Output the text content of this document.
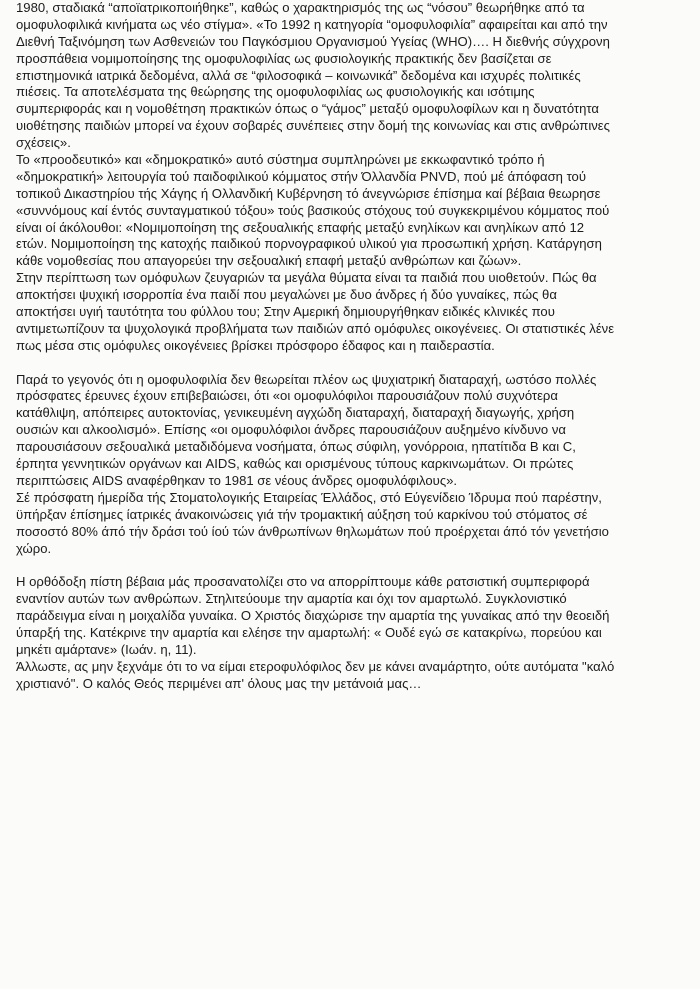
1980, σταδιακά “αποϊατρικοποιήθηκε”, καθώς ο χαρακτηρισμός της ως “νόσου” θεωρήθηκε από τα
ομοφυλοφιλικά κινήματα ως νέο στίγμα». «Το 1992 η κατηγορία “ομοφυλοφιλία” αφαιρείται και από την
Διεθνή Ταξινόμηση των Ασθενειών του Παγκόσμιου Οργανισμού Υγείας (WHO)…. Η διεθνής σύγχρονη
προσπάθεια νομιμοποίησης της ομοφυλοφιλίας ως φυσιολογικής πρακτικής δεν βασίζεται σε
επιστημονικά ιατρικά δεδομένα, αλλά σε “φιλοσοφικά – κοινωνικά” δεδομένα και ισχυρές πολιτικές
πιέσεις. Τα αποτελέσματα της θεώρησης της ομοφυλοφιλίας ως φυσιολογικής και ισότιμης
συμπεριφοράς και η νομοθέτηση πρακτικών όπως ο “γάμος” μεταξύ ομοφυλοφίλων και η δυνατότητα
υιοθέτησης παιδιών μπορεί να έχουν σοβαρές συνέπειες στην δομή της κοινωνίας και στις ανθρώπινες
σχέσεις».
Το «προοδευτικό» και «δημοκρατικό» αυτό σύστημα συμπληρώνει με εκκωφαντικό τρόπο ή
«δημοκρατική» λειτουργία τού παιδοφιλικού κόμματος στήν Όλλανδία PNVD, πού μέ άπόφαση τού
τοπικοΰ Δικαστηρίου τής Χάγης ή Ολλανδική Κυβέρνηση τό άνεγνώρισε έπίσημα καί βέβαια θεωρησε
«συννόμους καί έντός συνταγματικού τόξου» τούς βασικούς στόχους τού συγκεκριμένου κόμματος πού
είναι οί άκόλουθοι: «Νομιμοποίηση της σεξουαλικής επαφής μεταξύ ενηλίκων και ανηλίκων από 12
ετών. Νομιμοποίηση της κατοχής παιδικού πορνογραφικού υλικού για προσωπική χρήση. Κατάργηση
κάθε νομοθεσίας που απαγορεύει την σεξουαλική επαφή μεταξύ ανθρώπων και ζώων».
Στην περίπτωση των ομόφυλων ζευγαριών τα μεγάλα θύματα είναι τα παιδιά που υιοθετούν. Πώς θα
αποκτήσει ψυχική ισορροπία ένα παιδί που μεγαλώνει με δυο άνδρες ή δύο γυναίκες, πώς θα
αποκτήσει υγιή ταυτότητα του φύλλου του; Στην Αμερική δημιουργήθηκαν ειδικές κλινικές που
αντιμετωπίζουν τα ψυχολογικά προβλήματα των παιδιών από ομόφυλες οικογένειες. Οι στατιστικές λένε
πως μέσα στις ομόφυλες οικογένειες βρίσκει πρόσφορο έδαφος και η παιδεραστία.
Παρά το γεγονός ότι η ομοφυλοφιλία δεν θεωρείται πλέον ως ψυχιατρική διαταραχή, ωστόσο πολλές
πρόσφατες έρευνες έχουν επιβεβαιώσει, ότι «οι ομοφυλόφιλοι παρουσιάζουν πολύ συχνότερα
κατάθλιψη, απόπειρες αυτοκτονίας, γενικευμένη αγχώδη διαταραχή, διαταραχή διαγωγής, χρήση
ουσιών και αλκοολισμό». Επίσης «οι ομοφυλόφιλοι άνδρες παρουσιάζουν αυξημένο κίνδυνο να
παρουσιάσουν σεξουαλικά μεταδιδόμενα νοσήματα, όπως σύφιλη, γονόρροια, ηπατίτιδα Β και C,
έρπητα γεννητικών οργάνων και AIDS, καθώς και ορισμένους τύπους καρκινωμάτων. Οι πρώτες
περιπτώσεις AIDS αναφέρθηκαν το 1981 σε νέους άνδρες ομοφυλόφιλους».
Σέ πρόσφατη ήμερίδα τής Στοματολογικής Εταιρείας Έλλάδος, στό Εύγενίδειο Ίδρυμα πού παρέστην,
ϋπήρξαν έπίσημες ίατρικές άνακοινώσεις γιά τήν τρομακτική αύξηση τού καρκίνου τού στόματος σέ
ποσοστό 80% άπό τήν δράσι τού ίού τών άνθρωπίνων θηλωμάτων πού προέρχεται άπό τόν γενετήσιο
χώρο.
Η ορθόδοξη πίστη βέβαια μάς προσανατολίζει στο να απορρίπτουμε κάθε ρατσιστική συμπεριφορά
εναντίον αυτών των ανθρώπων. Στηλιτεύουμε την αμαρτία και όχι τον αμαρτωλό. Συγκλονιστικό
παράδειγμα είναι η μοιχαλίδα γυναίκα. Ο Χριστός διαχώρισε την αμαρτία της γυναίκας από την θεοειδή
ύπαρξή της. Κατέκρινε την αμαρτία και ελέησε την αμαρτωλή: « Ουδέ εγώ σε κατακρίνω, πορεύου και
μηκέτι αμάρτανε» (Ιωάν. η, 11).
Άλλωστε, ας μην ξεχνάμε ότι το να είμαι ετεροφυλόφιλος δεν με κάνει αναμάρτητο, ούτε αυτόματα "καλό
χριστιανό". Ο καλός Θεός περιμένει απ' όλους μας την μετάνοιά μας…
